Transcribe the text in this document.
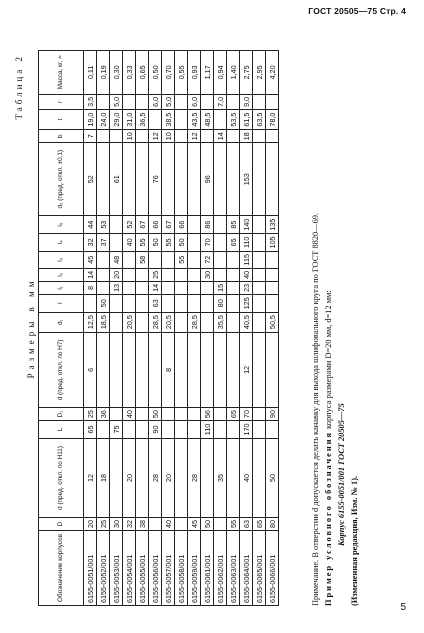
ГОСТ 20505—75 Стр. 4
Таблица 2
Размеры в мм
Обозначение корпусов	D	d (пред. откл. по Н11)	L	D₁	d (пред. откл. по Н7)	d₁	l	l₁	l₂	l₃	l₄	l₅	d₂ (пред. откл. ±0,1)	b	t	r	Масса, кг, ≈
6155-0051/001	20	12	65	25	6	12,5		8	14	45	32	44	52	7	19,0	3,5	0,11
6155-0052/001	25	18		36		18,5	50				37	53			24,0		0,19
6155-0053/001	30		75					13	20	48			61		29,0	5,0	0,30
6155-0054/001	32	20		40		20,5					40	52		10	31,0		0,33
6155-0055/001	38									58	55	67			36,5		0,65
6155-0056/001		28	90	50		28,5	63	14	25		50	66	76	12		6,0	0,50
6155-0057/001	40	20			8	20,5					55	67		10	38,5	5,0	0,70
6155-0058/001										55	50	66					0,55
6155-0059/001	45	28				28,5								12	43,5	6,0	0,93
6155-0061/001	50		110	56					30	72	70	86	96		48,5		1,17
6155-0062/001		35				35,5	80	15						14		7,0	0,94
6155-0063/001	55			65							65	85			53,5		1,40
6155-0064/001	63	40	170	70	12	40,5	125	23	40	115	110	140	153	18	61,5	9,0	2,75
6155-0065/001	65														63,5		2,95
6155-0066/001	80	50		90		50,5					105	135			78,0		4,20

Примечание. В отверстии d допускается делать канавку для выхода шлифовального круга по ГОСТ 8820—69. Пример условного обозначения корпуса размерами D=20 мм, d=12 мм:

Корпус 6155-0051/001 ГОСТ 20505—75 (Измененная редакция, Изм. № 1).

5
